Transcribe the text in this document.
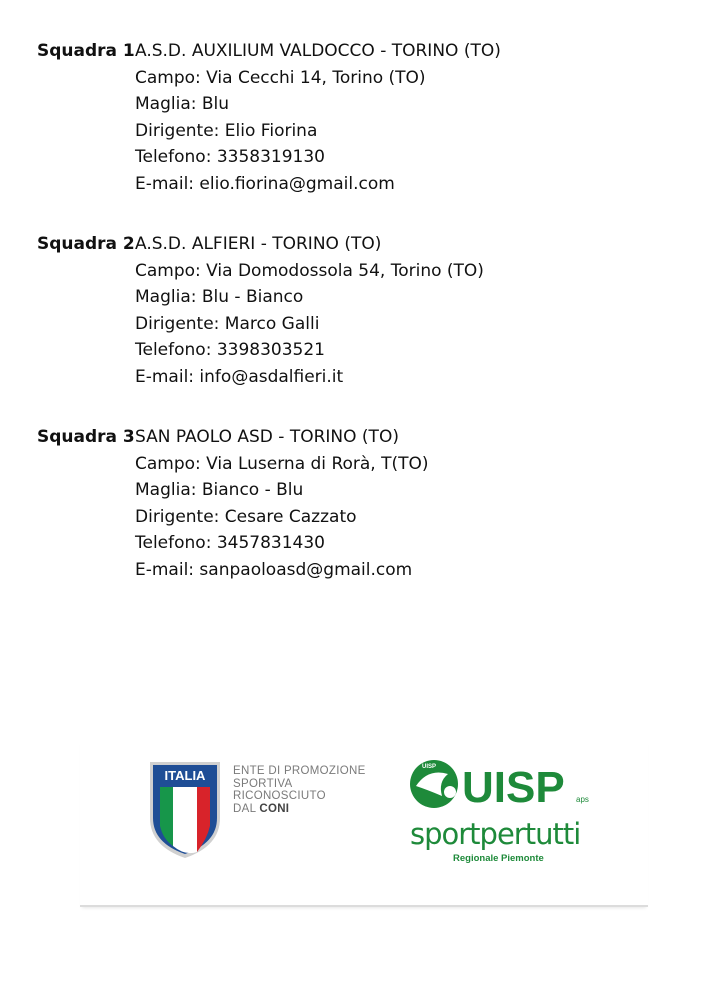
Squadra 1 A.S.D. AUXILIUM VALDOCCO - TORINO (TO)
Campo: Via Cecchi 14, Torino (TO)
Maglia: Blu
Dirigente: Elio Fiorina
Telefono: 3358319130
E-mail: elio.fiorina@gmail.com
Squadra 2 A.S.D. ALFIERI - TORINO (TO)
Campo: Via Domodossola 54, Torino (TO)
Maglia: Blu - Bianco
Dirigente: Marco Galli
Telefono: 3398303521
E-mail: info@asdalfieri.it
Squadra 3 SAN PAOLO ASD - TORINO (TO)
Campo: Via Luserna di Rorà, T(TO)
Maglia: Bianco - Blu
Dirigente: Cesare Cazzato
Telefono: 3457831430
E-mail: sanpaoloasd@gmail.com
ITALIA ENTE DI PROMOZIONE
SPORTIVA
RICONOSCIUTO
DAL CONI
UISP UISP aps
sportpertutti
Regionale Piemonte
